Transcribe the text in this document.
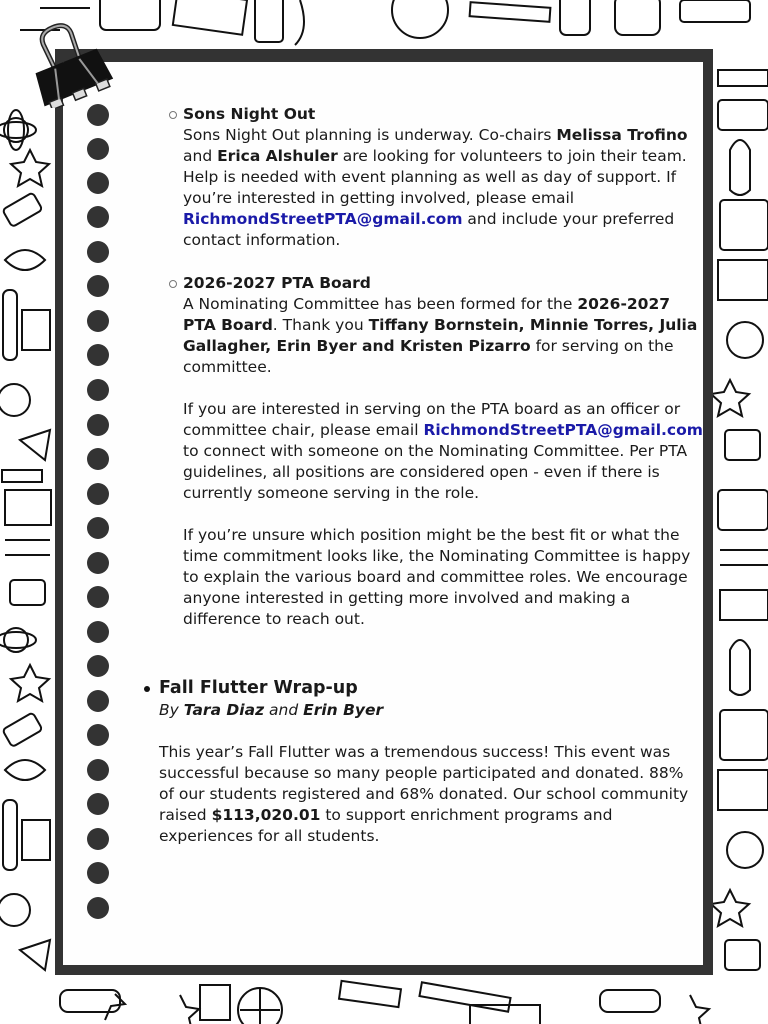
Sons Night Out

Sons Night Out planning is underway. Co-chairs Melissa Trofino and Erica Alshuler are looking for volunteers to join their team. Help is needed with event planning as well as day of support. If you’re interested in getting involved, please email RichmondStreetPTA@gmail.com and include your preferred contact information.

2026-2027 PTA Board

A Nominating Committee has been formed for the 2026-2027 PTA Board. Thank you Tiffany Bornstein, Minnie Torres, Julia Gallagher, Erin Byer and Kristen Pizarro for serving on the committee.

If you are interested in serving on the PTA board as an officer or committee chair, please email RichmondStreetPTA@gmail.com to connect with someone on the Nominating Committee. Per PTA guidelines, all positions are considered open - even if there is currently someone serving in the role.

If you’re unsure which position might be the best fit or what the time commitment looks like, the Nominating Committee is happy to explain the various board and committee roles. We encourage anyone interested in getting more involved and making a difference to reach out.

Fall Flutter Wrap-up
By Tara Diaz and Erin Byer

This year’s Fall Flutter was a tremendous success! This event was successful because so many people participated and donated. 88% of our students registered and 68% donated. Our school community raised $113,020.01 to support enrichment programs and experiences for all students.
